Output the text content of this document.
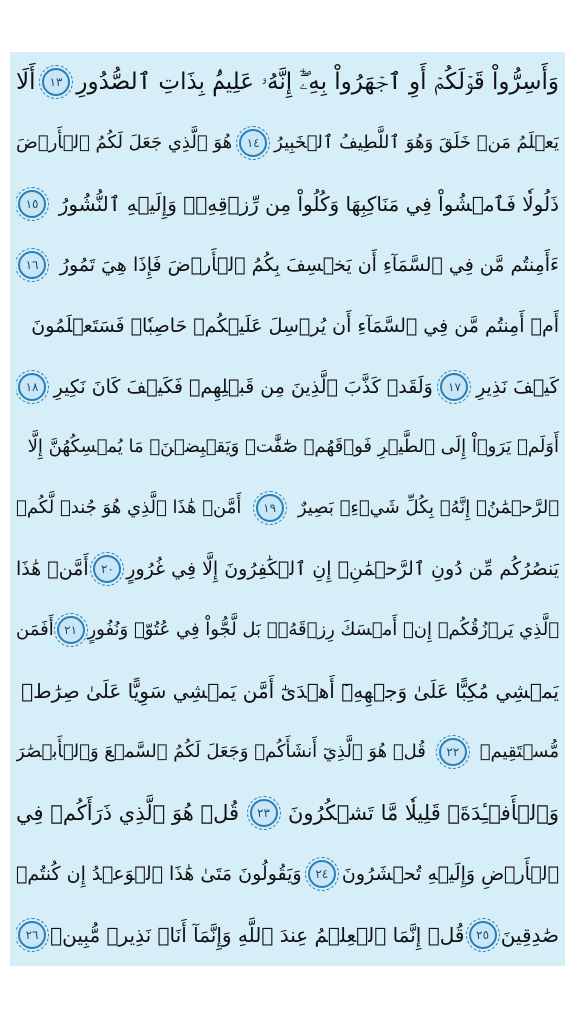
وَأَسِرُّواْ قَوۡلَكُمۡ أَوِ ٱجۡهَرُواْ بِهِۦٓۖ إِنَّهُۥ عَلِيمُۢ بِذَاتِ ٱلصُّدُورِ
١٣
أَلَا
يَعۡلَمُ مَنۡ خَلَقَ وَهُوَ ٱللَّطِيفُ ٱلۡخَبِيرُ
١٤
هُوَ ٱلَّذِي جَعَلَ لَكُمُ ٱلۡأَرۡضَ
ذَلُولٗا فَٱمۡشُواْ فِي مَنَاكِبِهَا وَكُلُواْ مِن رِّزۡقِهِۦۖ وَإِلَيۡهِ ٱلنُّشُورُ
١٥
ءَأَمِنتُم مَّن فِي ٱلسَّمَآءِ أَن يَخۡسِفَ بِكُمُ ٱلۡأَرۡضَ فَإِذَا هِيَ تَمُورُ
١٦
أَمۡ أَمِنتُم مَّن فِي ٱلسَّمَآءِ أَن يُرۡسِلَ عَلَيۡكُمۡ حَاصِبٗاۖ فَسَتَعۡلَمُونَ
كَيۡفَ نَذِيرِ
١٧
وَلَقَدۡ كَذَّبَ ٱلَّذِينَ مِن قَبۡلِهِمۡ فَكَيۡفَ كَانَ نَكِيرِ
١٨
أَوَلَمۡ يَرَوۡاْ إِلَى ٱلطَّيۡرِ فَوۡقَهُمۡ صَٰٓفَّٰتٖ وَيَقۡبِضۡنَۚ مَا يُمۡسِكُهُنَّ إِلَّا
ٱلرَّحۡمَٰنُۚ إِنَّهُۥ بِكُلِّ شَيۡءِۭ بَصِيرٌ
١٩
أَمَّنۡ هَٰذَا ٱلَّذِي هُوَ جُندٞ لَّكُمۡ
يَنصُرُكُم مِّن دُونِ ٱلرَّحۡمَٰنِۚ إِنِ ٱلۡكَٰفِرُونَ إِلَّا فِي غُرُورٍ
٢٠
أَمَّنۡ هَٰذَا
ٱلَّذِي يَرۡزُقُكُمۡ إِنۡ أَمۡسَكَ رِزۡقَهُۥۚ بَل لَّجُّواْ فِي عُتُوّٖ وَنُفُورٍ
٢١
أَفَمَن
يَمۡشِي مُكِبًّا عَلَىٰ وَجۡهِهِۦٓ أَهۡدَىٰٓ أَمَّن يَمۡشِي سَوِيًّا عَلَىٰ صِرَٰطٖ
مُّسۡتَقِيمٖ
٢٢
قُلۡ هُوَ ٱلَّذِيٓ أَنشَأَكُمۡ وَجَعَلَ لَكُمُ ٱلسَّمۡعَ وَٱلۡأَبۡصَٰرَ
وَٱلۡأَفۡـِٔدَةَۚ قَلِيلٗا مَّا تَشۡكُرُونَ
٢٣
قُلۡ هُوَ ٱلَّذِي ذَرَأَكُمۡ فِي
ٱلۡأَرۡضِ وَإِلَيۡهِ تُحۡشَرُونَ
٢٤
وَيَقُولُونَ مَتَىٰ هَٰذَا ٱلۡوَعۡدُ إِن كُنتُمۡ
صَٰدِقِينَ
٢٥
قُلۡ إِنَّمَا ٱلۡعِلۡمُ عِندَ ٱللَّهِ وَإِنَّمَآ أَنَا۠ نَذِيرٞ مُّبِينٞ
٢٦
